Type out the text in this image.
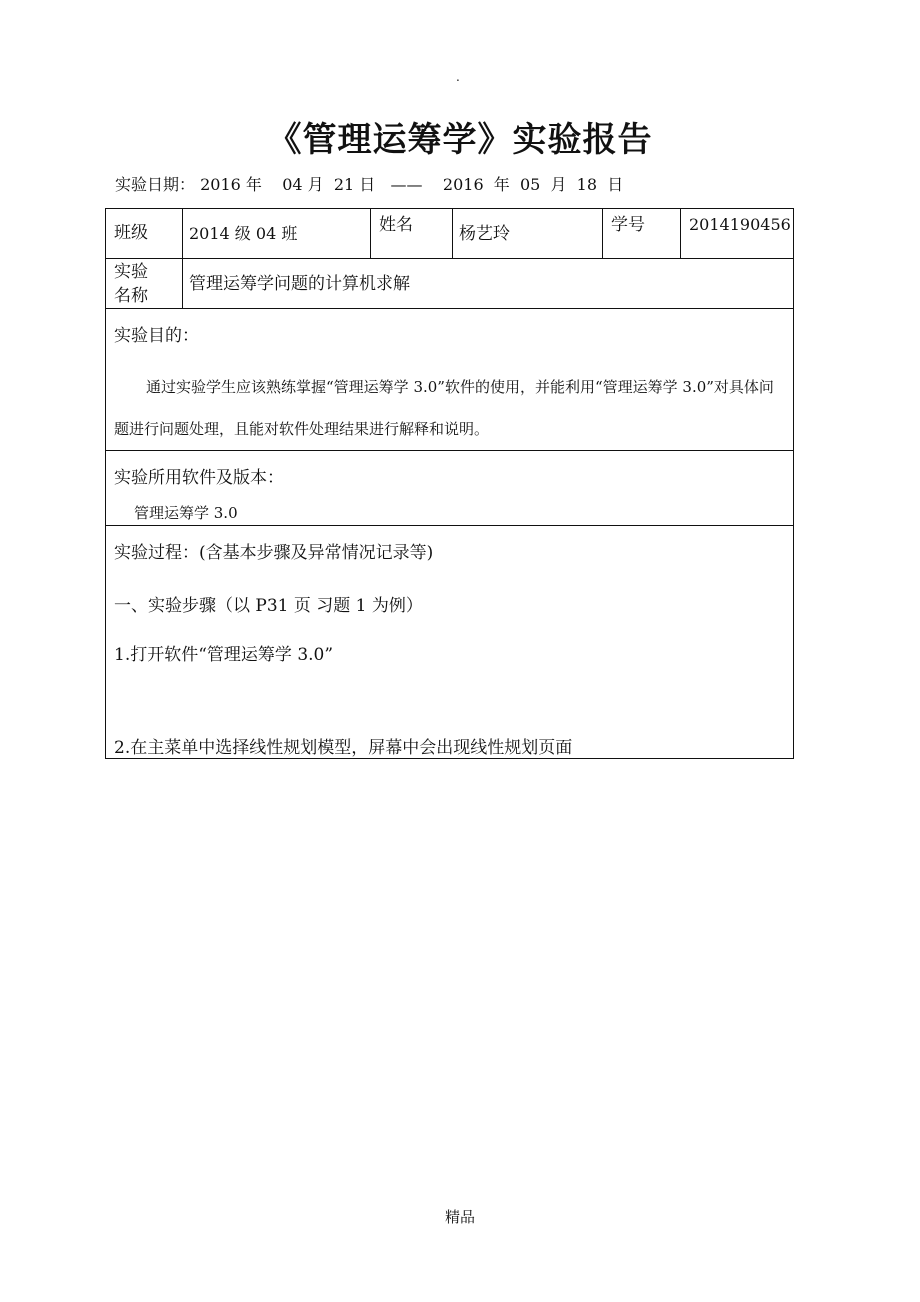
.
《管理运筹学》实验报告
实验日期： 2016 年    04 月  21 日   ——    2016  年  05  月  18  日
班级	2014 级 04 班	姓名	杨艺玲	学号	2014190456

实验
名称	管理运筹学问题的计算机求解				

实验目的：
通过实验学生应该熟练掌握“管理运筹学 3.0”软件的使用，并能利用“管理运筹学 3.0”对具体问题进行问题处理，且能对软件处理结果进行解释和说明。					

实验所用软件及版本：
管理运筹学 3.0					

实验过程：(含基本步骤及异常情况记录等)
一、实验步骤（以 P31 页 习题 1 为例）
1.打开软件“管理运筹学 3.0”
2.在主菜单中选择线性规划模型，屏幕中会出现线性规划页面					
精品
